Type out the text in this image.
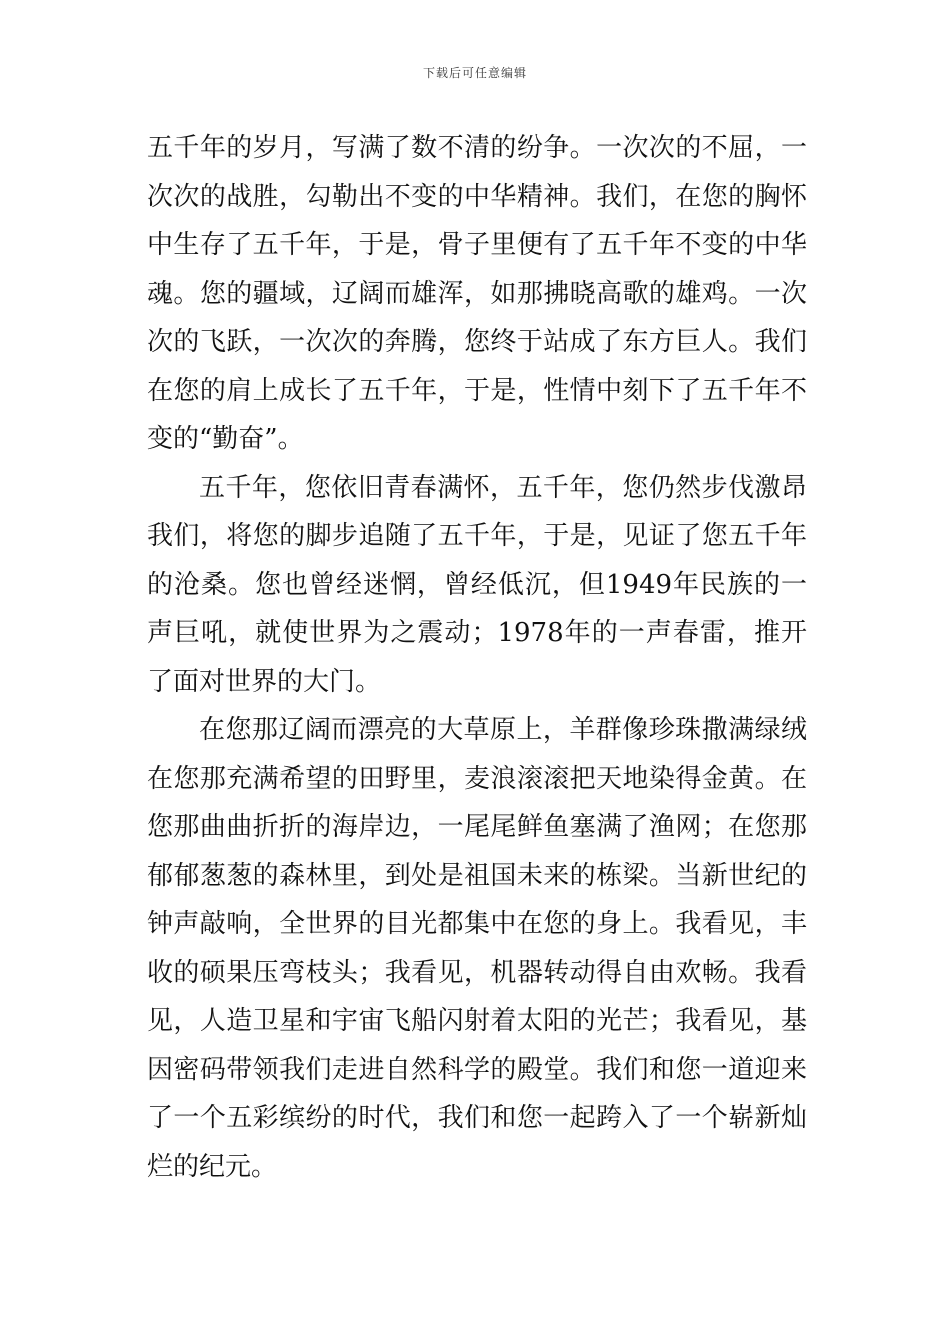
下载后可任意编辑

五千年的岁月，写满了数不清的纷争。一次次的不屈，一次次的战胜，勾勒出不变的中华精神。我们，在您的胸怀中生存了五千年，于是，骨子里便有了五千年不变的中华魂。您的疆域，辽阔而雄浑，如那拂晓高歌的雄鸡。一次次的飞跃，一次次的奔腾，您终于站成了东方巨人。我们在您的肩上成长了五千年，于是，性情中刻下了五千年不变的“勤奋”。

五千年，您依旧青春满怀，五千年，您仍然步伐激昂我们，将您的脚步追随了五千年，于是，见证了您五千年的沧桑。您也曾经迷惘，曾经低沉，但1949年民族的一声巨吼，就使世界为之震动；1978年的一声春雷，推开了面对世界的大门。

在您那辽阔而漂亮的大草原上，羊群像珍珠撒满绿绒在您那充满希望的田野里，麦浪滚滚把天地染得金黄。在您那曲曲折折的海岸边，一尾尾鲜鱼塞满了渔网；在您那郁郁葱葱的森林里，到处是祖国未来的栋梁。当新世纪的钟声敲响，全世界的目光都集中在您的身上。我看见，丰收的硕果压弯枝头；我看见，机器转动得自由欢畅。我看见，人造卫星和宇宙飞船闪射着太阳的光芒；我看见，基因密码带领我们走进自然科学的殿堂。我们和您一道迎来了一个五彩缤纷的时代，我们和您一起跨入了一个崭新灿烂的纪元。
